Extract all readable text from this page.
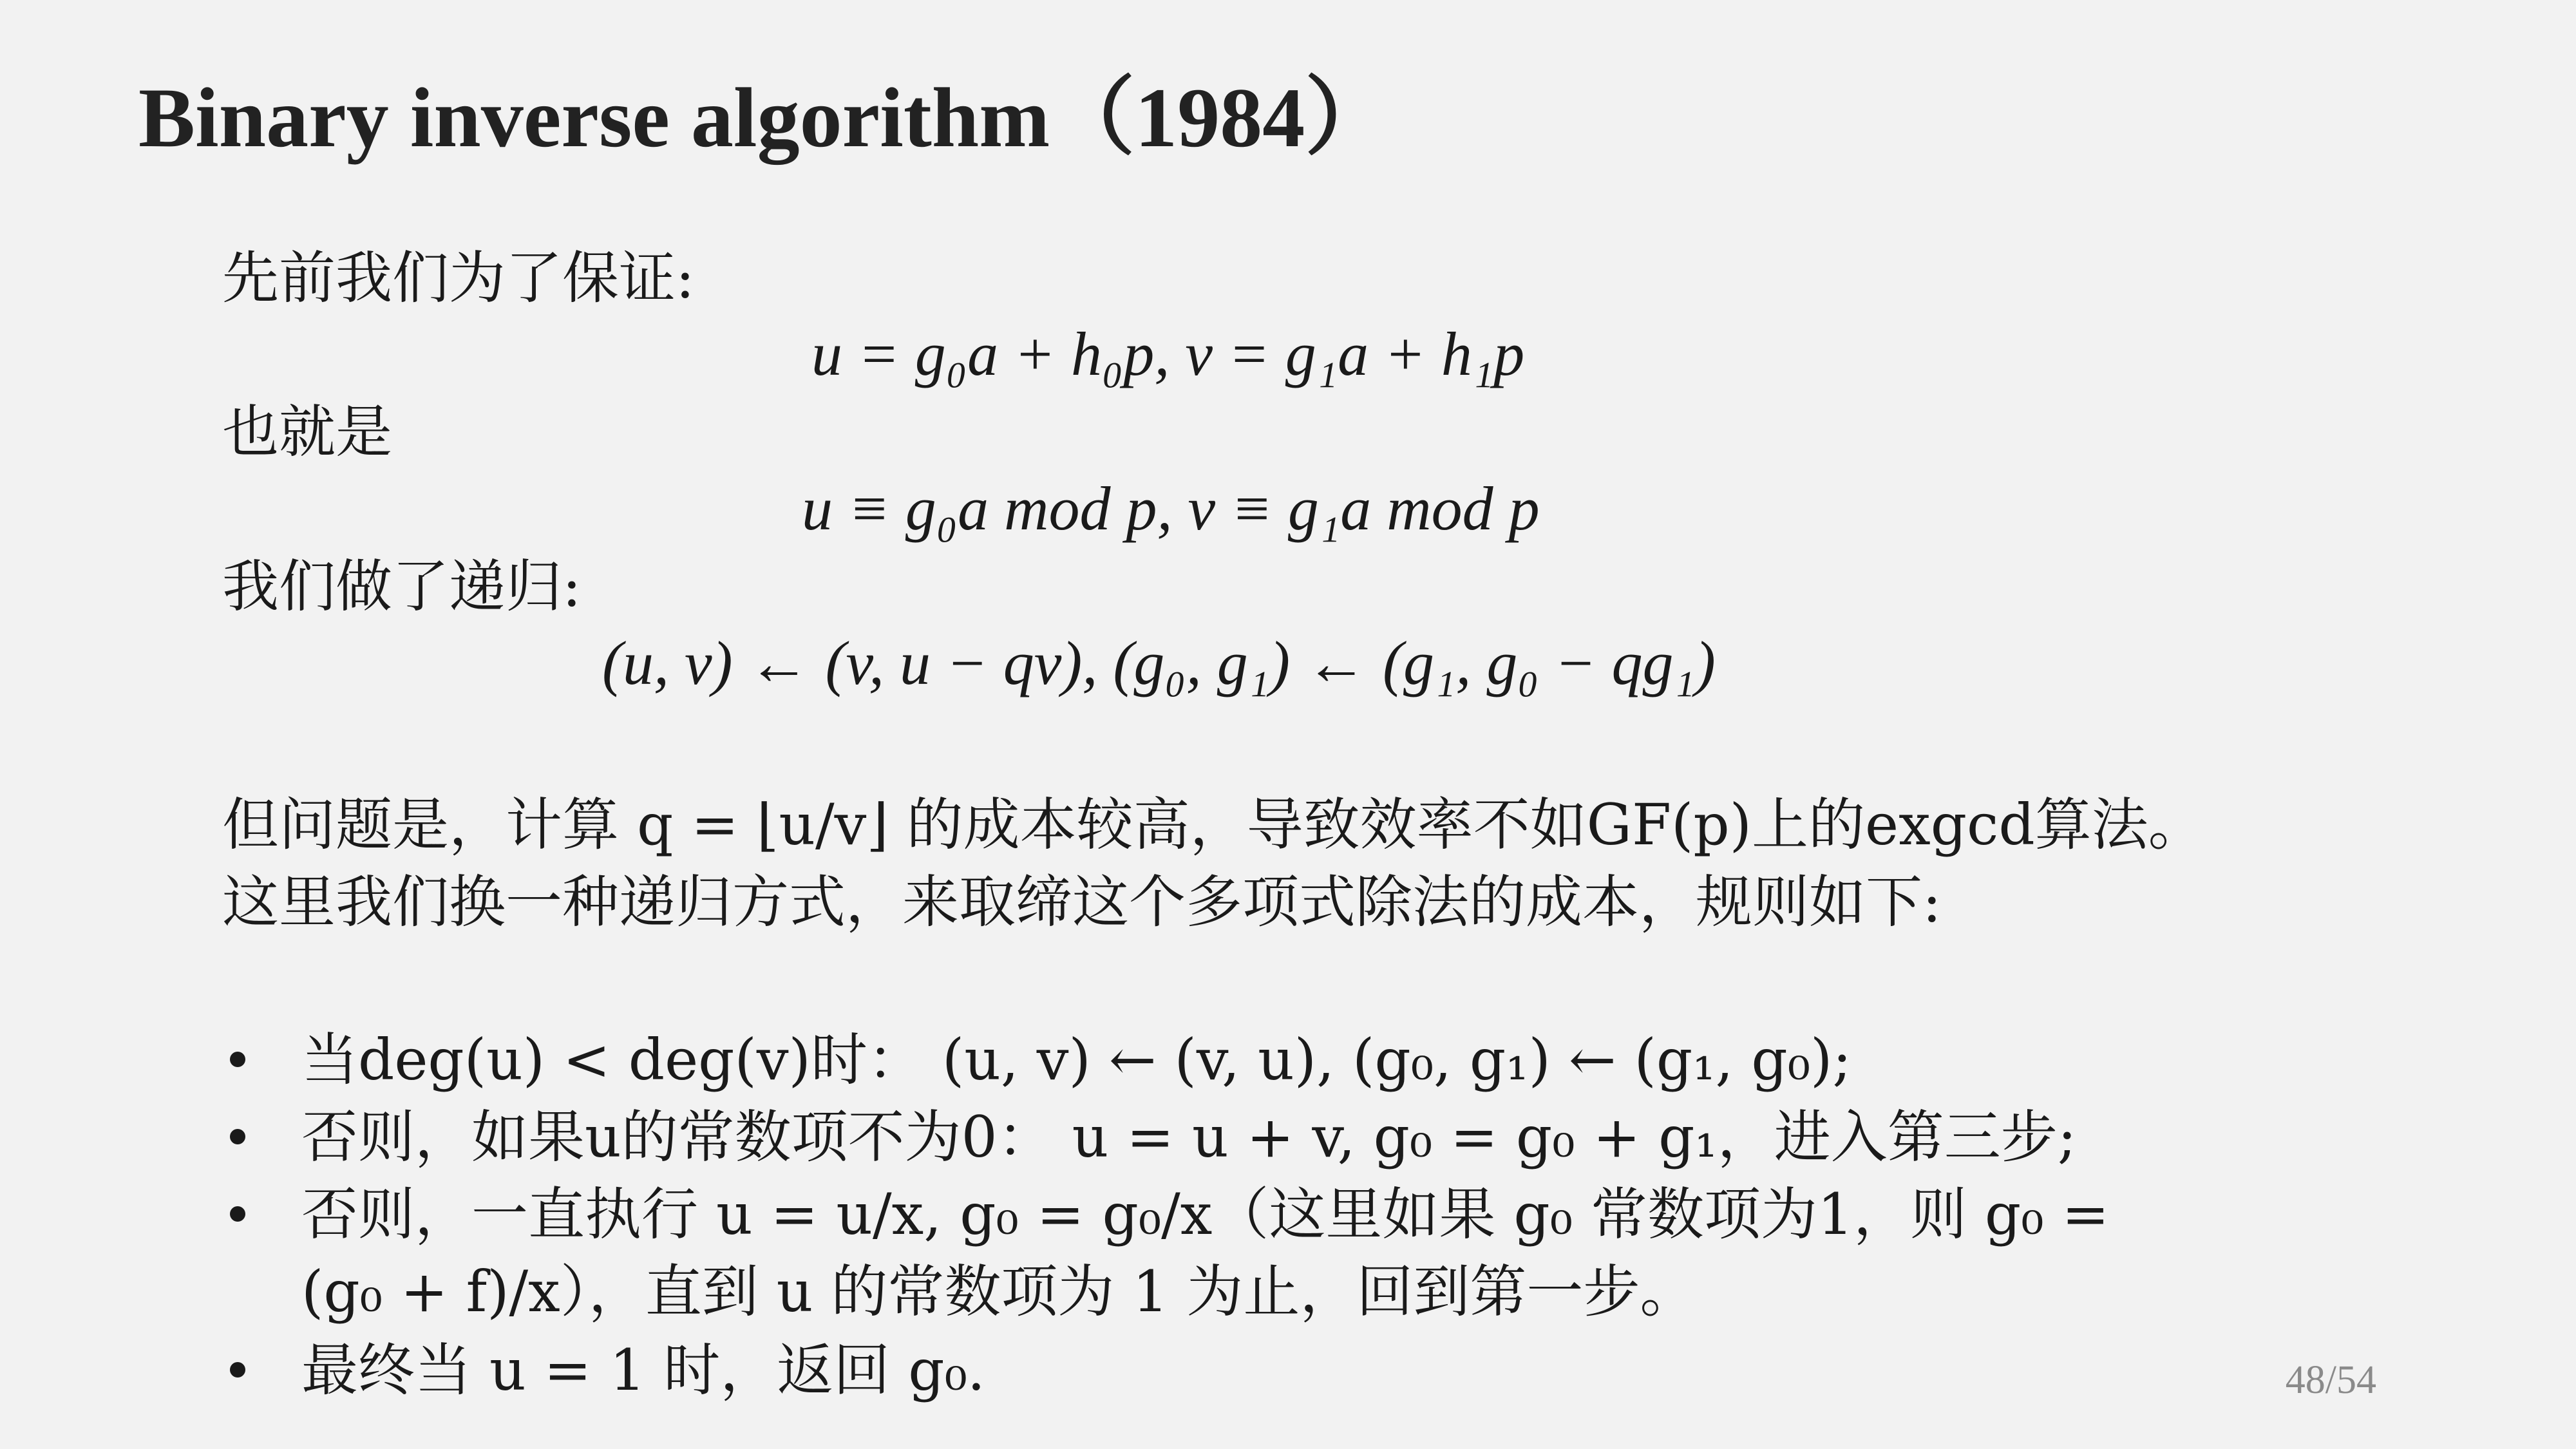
Binary inverse algorithm（1984）
先前我们为了保证:
u = g₀a + h₀p, v = g₁a + h₁p
也就是
u ≡ g₀a mod p, v ≡ g₁a mod p
我们做了递归:
(u, v) ← (v, u − qv), (g₀, g₁) ← (g₁, g₀ − qg₁)
但问题是，计算 q = ⌊u/v⌋ 的成本较高，导致效率不如GF(p)上的exgcd算法。
这里我们换一种递归方式，来取缔这个多项式除法的成本，规则如下:
当deg(u) < deg(v)时： (u, v) ← (v, u), (g₀, g₁) ← (g₁, g₀);
否则，如果u的常数项不为0： u = u + v, g₀ = g₀ + g₁，进入第三步;
否则，一直执行 u = u/x, g₀ = g₀/x（这里如果 g₀ 常数项为1，则 g₀ =
(g₀ + f)/x），直到 u 的常数项为 1 为止，回到第一步。
最终当 u = 1 时，返回 g₀.	48/54
